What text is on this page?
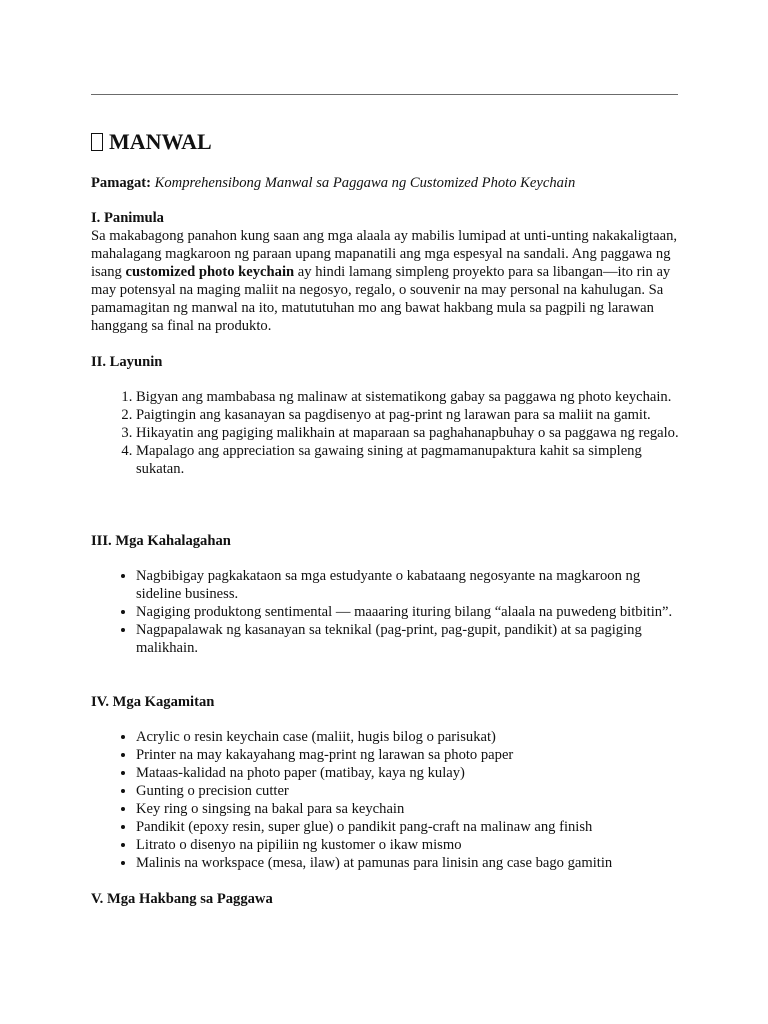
MANWAL

Pamagat: Komprehensibong Manwal sa Paggawa ng Customized Photo Keychain

I. Panimula

Sa makabagong panahon kung saan ang mga alaala ay mabilis lumipad at unti-unting nakakaligtaan, mahalagang magkaroon ng paraan upang mapanatili ang mga espesyal na sandali. Ang paggawa ng isang customized photo keychain ay hindi lamang simpleng proyekto para sa libangan—ito rin ay may potensyal na maging maliit na negosyo, regalo, o souvenir na may personal na kahulugan. Sa pamamagitan ng manwal na ito, matututuhan mo ang bawat hakbang mula sa pagpili ng larawan hanggang sa final na produkto.

II. Layunin

1. Bigyan ang mambabasa ng malinaw at sistematikong gabay sa paggawa ng photo keychain.
2. Paigtingin ang kasanayan sa pagdisenyo at pag-print ng larawan para sa maliit na gamit.
3. Hikayatin ang pagiging malikhain at maparaan sa paghahanapbuhay o sa paggawa ng regalo.
4. Mapalago ang appreciation sa gawaing sining at pagmamanupaktura kahit sa simpleng sukatan.

III. Mga Kahalagahan

• Nagbibigay pagkakataon sa mga estudyante o kabataang negosyante na magkaroon ng sideline business.
• Nagiging produktong sentimental — maaaring ituring bilang “alaala na puwedeng bitbitin”.
• Nagpapalawak ng kasanayan sa teknikal (pag-print, pag-gupit, pandikit) at sa pagiging malikhain.

IV. Mga Kagamitan

• Acrylic o resin keychain case (maliit, hugis bilog o parisukat)
• Printer na may kakayahang mag-print ng larawan sa photo paper
• Mataas-kalidad na photo paper (matibay, kaya ng kulay)
• Gunting o precision cutter
• Key ring o singsing na bakal para sa keychain
• Pandikit (epoxy resin, super glue) o pandikit pang-craft na malinaw ang finish
• Litrato o disenyo na pipiliin ng kustomer o ikaw mismo
• Malinis na workspace (mesa, ilaw) at pamunas para linisin ang case bago gamitin

V. Mga Hakbang sa Paggawa
